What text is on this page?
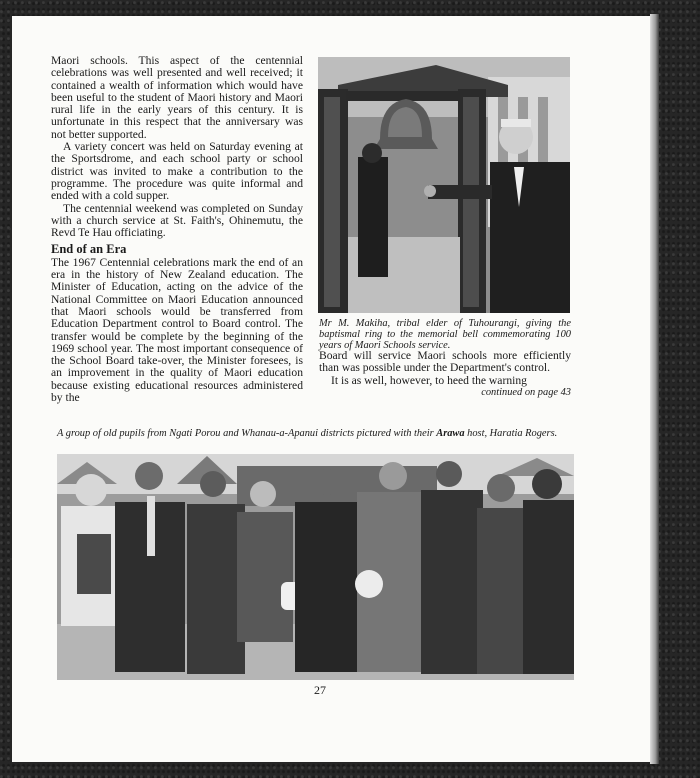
Maori schools. This aspect of the centennial celebrations was well presented and well received; it contained a wealth of information which would have been useful to the student of Maori history and Maori rural life in the early years of this century. It is unfortunate in this respect that the anniversary was not better supported.

A variety concert was held on Saturday evening at the Sportsdrome, and each school party or school district was invited to make a contribution to the programme. The procedure was quite informal and ended with a cold supper.

The centennial weekend was completed on Sunday with a church service at St. Faith's, Ohinemutu, the Revd Te Hau officiating.

End of an Era

The 1967 Centennial celebrations mark the end of an era in the history of New Zealand education. The Minister of Education, acting on the advice of the National Committee on Maori Education announced that Maori schools would be transferred from Education Department control to Board control. The transfer would be complete by the beginning of the 1969 school year. The most important consequence of the School Board take-over, the Minister foresees, is an improvement in the quality of Maori education because existing educational resources administered by the

Mr M. Makiha, tribal elder of Tuhourangi, giving the baptismal ring to the memorial bell commemorating 100 years of Maori Schools service.

Board will service Maori schools more efficiently than was possible under the Department's control.

It is as well, however, to heed the warning

continued on page 43

A group of old pupils from Ngati Porou and Whanau-a-Apanui districts pictured with their Arawa host, Haratia Rogers.
27
